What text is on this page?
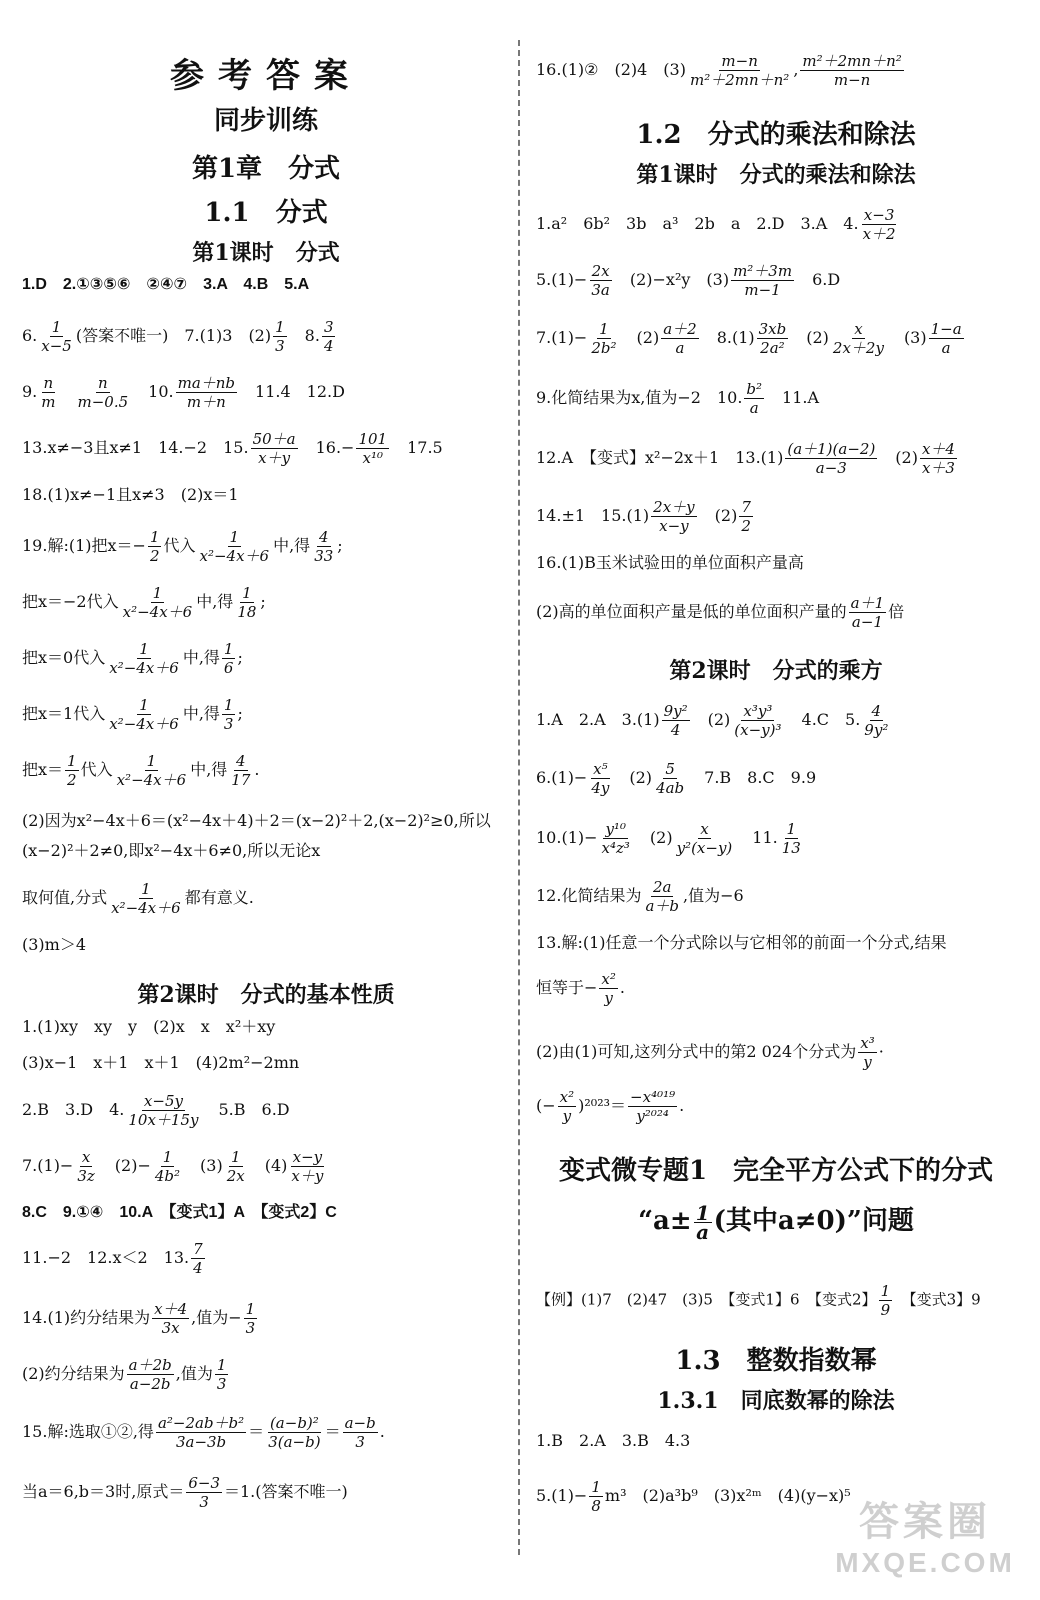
参考答案
同步训练
第1章　分式
1.1　分式
第1课时　分式
1.D　2.①③⑤⑥　②④⑦　3.A　4.B　5.A
6. $\frac{1}{x-5}$ (答案不唯一)　7.(1)3　$(2) \frac{1}{3}$ 　8. $\frac{3}{4}$
9. $\frac{n}{m} \frac{n}{m-0.5}$ 　10. $\frac{ma+nb}{m+n}$ 　11.4　12.D
13.x≠−3且x≠1　14.−2　15. $\frac{50+a}{x+y}$ 　$16.- \frac{101}{\text{x¹⁰}}$ 　17.5
18.(1)x≠−1且x≠3　(2)x＝1
19.解:(1)把$x=- \frac{1}{2}$ 代入 $\frac{1}{\text{x²−4x＋6}}$ 中,得 $\frac{4}{33}$ ;
把x＝−2代入 $\frac{1}{\text{x²−4x＋6}}$ 中,得 $\frac{1}{18}$ ;
把x＝0代入 $\frac{1}{\text{x²−4x＋6}}$ 中,得 $\frac{1}{6}$ ;
把x＝1代入 $\frac{1}{\text{x²−4x＋6}}$ 中,得 $\frac{1}{3}$ ;
把$x= \frac{1}{2}$ 代入 $\frac{1}{\text{x²−4x＋6}}$ 中,得 $\frac{4}{17}$ .
(2)因为x²−4x＋6＝(x²−4x＋4)＋2＝(x−2)²＋2,(x−2)²≥0,所以(x−2)²＋2≠0,即x²−4x＋6≠0,所以无论x
取何值,分式 $\frac{1}{\text{x²−4x＋6}}$ 都有意义.
(3)m＞4
第2课时　分式的基本性质
1.(1)xy　xy　y　(2)x　x　x²＋xy
(3)x−1　x＋1　x＋1　(4)2m²−2mn
2.B　3.D　4. $\frac{x-5y}{10x+15y}$ 　5.B　6.D
$7.(1)- \frac{x}{3z}$ 　$(2)- \frac{1}{\text{4b²}}$ 　$(3) \frac{1}{2x}$ 　$(4) \frac{x-y}{x+y}$
8.C　9.①④　10.A　【变式1】A　【变式2】C
11.−2　12.x＜2　13. $\frac{7}{4}$
14.(1)约分结果为 $\frac{x+4}{3x}$ ,值为− $\frac{1}{3}$
(2)约分结果为 $\frac{a+2b}{a-2b}$ ,值为 $\frac{1}{3}$
15.解:选取①②,得 $\frac{\text{a²−2ab＋b²}}{3a-3b} = \frac{\text{(a−b)²}}{3(a-b)} = \frac{a-b}{3}$ .
当a＝6,b＝3时,原式＝ $\frac{6-3}{3} =1$.(答案不唯一)
16.(1)②　(2)4　$(3) \frac{m-n}{\text{m²＋2mn＋n²}}$ , $\frac{\text{m²＋2mn＋n²}}{m-n}$
1.2　分式的乘法和除法
第1课时　分式的乘法和除法
1.a²　6b²　3b　a³　2b　a　2.D　3.A　4. $\frac{x-3}{x+2}$
$5.(1)- \frac{2x}{3a}$ 　(2)−x²y　$(3) \frac{\text{m²＋3m}}{m-1}$ 　6.D
$7.(1)- \frac{1}{\text{2b²}}$ 　$(2) \frac{a+2}{a}$ 　$8.(1) \frac{3xb}{\text{2a²}}$ 　$(2) \frac{x}{2x+2y}$ 　$(3) \frac{1-a}{a}$
9.化简结果为x,值为−2　10. $\frac{\text{b²}}{a}$ 　11.A
12.A　【变式】x²−2x＋1　$13.(1) \frac{(a+1)(a-2)}{a-3}$ 　$(2) \frac{x+4}{x+3}$
14.±1　$15.(1) \frac{2x+y}{x-y}$ 　$(2) \frac{7}{2}$
16.(1)B玉米试验田的单位面积产量高
(2)高的单位面积产量是低的单位面积产量的 $\frac{a+1}{a-1}$ 倍
第2课时　分式的乘方
1.A　2.A　$3.(1) \frac{\text{9y²}}{4}$ 　$(2) \frac{\text{x³y³}}{\text{(x−y)³}}$ 　4.C　5. $\frac{4}{\text{9y²}}$
$6.(1)- \frac{\text{x⁵}}{4y}$ 　$(2) \frac{5}{4ab}$ 　7.B　8.C　9.9
$10.(1)- \frac{\text{y¹⁰}}{\text{x⁴z³}}$ 　$(2) \frac{x}{\text{y²(x−y)}}$ 　11. $\frac{1}{13}$
12.化简结果为 $\frac{2a}{a+b}$ ,值为−6
13.解:(1)任意一个分式除以与它相邻的前面一个分式,结果
恒等于− $\frac{\text{x²}}{y}$ .
(2)由(1)可知,这列分式中的第2 024个分式为 $\frac{\text{x³}}{y}$ ·
(− $\frac{\text{x²}}{y} )^{2023}= \frac{\text{−x⁴⁰¹⁹}}{\text{y²⁰²⁴}}$ .
变式微专题1　完全平方公式下的分式
“$a\pm \frac{1}{a}$ (其中a≠0)”问题
【例】(1)7　(2)47　(3)5　【变式1】6　【变式2】 $\frac{1}{9}$ 　【变式3】9
1.3　整数指数幂
1.3.1　同底数幂的除法
1.B　2.A　3.B　4.3
$5.(1)- \frac{1}{8} m^3$　(2)a³b⁹　(3)x²ᵐ　(4)(y−x)⁵
答案圈
MXQE.COM
